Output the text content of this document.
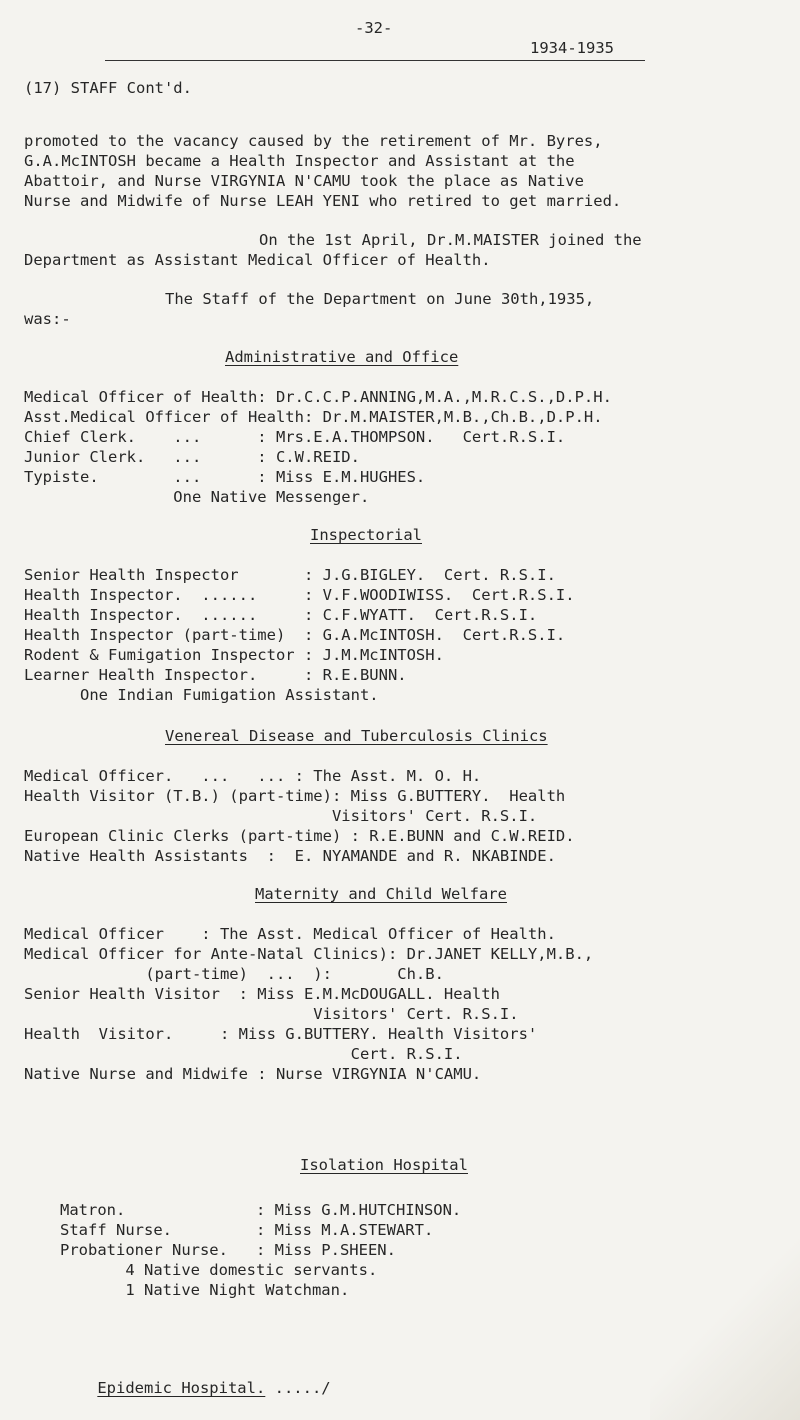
-32-
1934-1935
(17) STAFF Cont'd.
promoted to the vacancy caused by the retirement of Mr. Byres,
G.A.McINTOSH became a Health Inspector and Assistant at the
Abattoir, and Nurse VIRGYNIA N'CAMU took the place as Native
Nurse and Midwife of Nurse LEAH YENI who retired to get married.
On the 1st April, Dr.M.MAISTER joined the
Department as Assistant Medical Officer of Health.
The Staff of the Department on June 30th,1935,
was:-
Administrative and Office
Medical Officer of Health: Dr.C.C.P.ANNING,M.A.,M.R.C.S.,D.P.H.
Asst.Medical Officer of Health: Dr.M.MAISTER,M.B.,Ch.B.,D.P.H.
Chief Clerk.    ...      : Mrs.E.A.THOMPSON.   Cert.R.S.I.
Junior Clerk.   ...      : C.W.REID.
Typiste.        ...      : Miss E.M.HUGHES.
One Native Messenger.
Inspectorial
Senior Health Inspector       : J.G.BIGLEY.  Cert. R.S.I.
Health Inspector.  ......     : V.F.WOODIWISS.  Cert.R.S.I.
Health Inspector.  ......     : C.F.WYATT.  Cert.R.S.I.
Health Inspector (part-time)  : G.A.McINTOSH.  Cert.R.S.I.
Rodent & Fumigation Inspector : J.M.McINTOSH.
Learner Health Inspector.     : R.E.BUNN.
One Indian Fumigation Assistant.
Venereal Disease and Tuberculosis Clinics
Medical Officer.   ...   ... : The Asst. M. O. H.
Health Visitor (T.B.) (part-time): Miss G.BUTTERY.  Health
Visitors' Cert. R.S.I.
European Clinic Clerks (part-time) : R.E.BUNN and C.W.REID.
Native Health Assistants  :  E. NYAMANDE and R. NKABINDE.
Maternity and Child Welfare
Medical Officer    : The Asst. Medical Officer of Health.
Medical Officer for Ante-Natal Clinics): Dr.JANET KELLY,M.B.,
(part-time)  ...  ):       Ch.B.
Senior Health Visitor  : Miss E.M.McDOUGALL. Health
Visitors' Cert. R.S.I.
Health  Visitor.     : Miss G.BUTTERY. Health Visitors'
Cert. R.S.I.
Native Nurse and Midwife : Nurse VIRGYNIA N'CAMU.
Isolation Hospital
Matron.              : Miss G.M.HUTCHINSON.
Staff Nurse.         : Miss M.A.STEWART.
Probationer Nurse.   : Miss P.SHEEN.
4 Native domestic servants.
1 Native Night Watchman.

Epidemic Hospital. ...../
